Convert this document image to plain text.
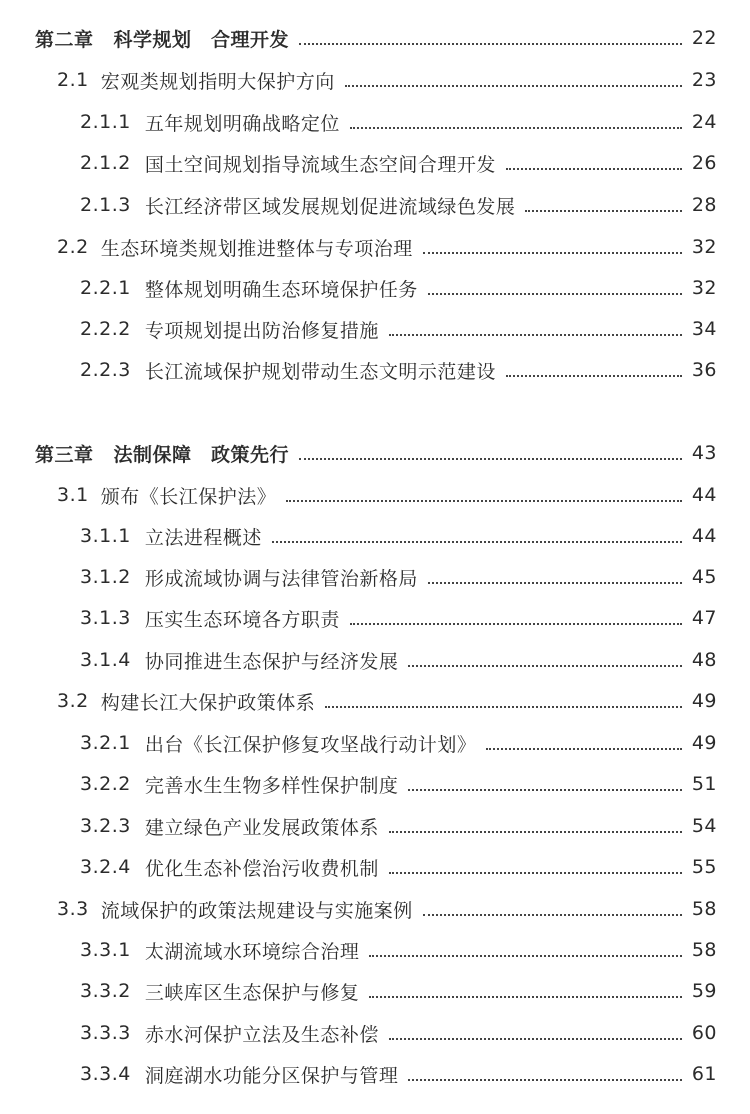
第二章 科学规划　合理开发	22
2.1 宏观类规划指明大保护方向	23
2.1.1 五年规划明确战略定位	24
2.1.2 国土空间规划指导流域生态空间合理开发	26
2.1.3 长江经济带区域发展规划促进流域绿色发展	28
2.2 生态环境类规划推进整体与专项治理	32
2.2.1 整体规划明确生态环境保护任务	32
2.2.2 专项规划提出防治修复措施	34
2.2.3 长江流域保护规划带动生态文明示范建设	36
第三章 法制保障　政策先行	43
3.1 颁布《长江保护法》	44
3.1.1 立法进程概述	44
3.1.2 形成流域协调与法律管治新格局	45
3.1.3 压实生态环境各方职责	47
3.1.4 协同推进生态保护与经济发展	48
3.2 构建长江大保护政策体系	49
3.2.1 出台《长江保护修复攻坚战行动计划》	49
3.2.2 完善水生生物多样性保护制度	51
3.2.3 建立绿色产业发展政策体系	54
3.2.4 优化生态补偿治污收费机制	55
3.3 流域保护的政策法规建设与实施案例	58
3.3.1 太湖流域水环境综合治理	58
3.3.2 三峡库区生态保护与修复	59
3.3.3 赤水河保护立法及生态补偿	60
3.3.4 洞庭湖水功能分区保护与管理	61
